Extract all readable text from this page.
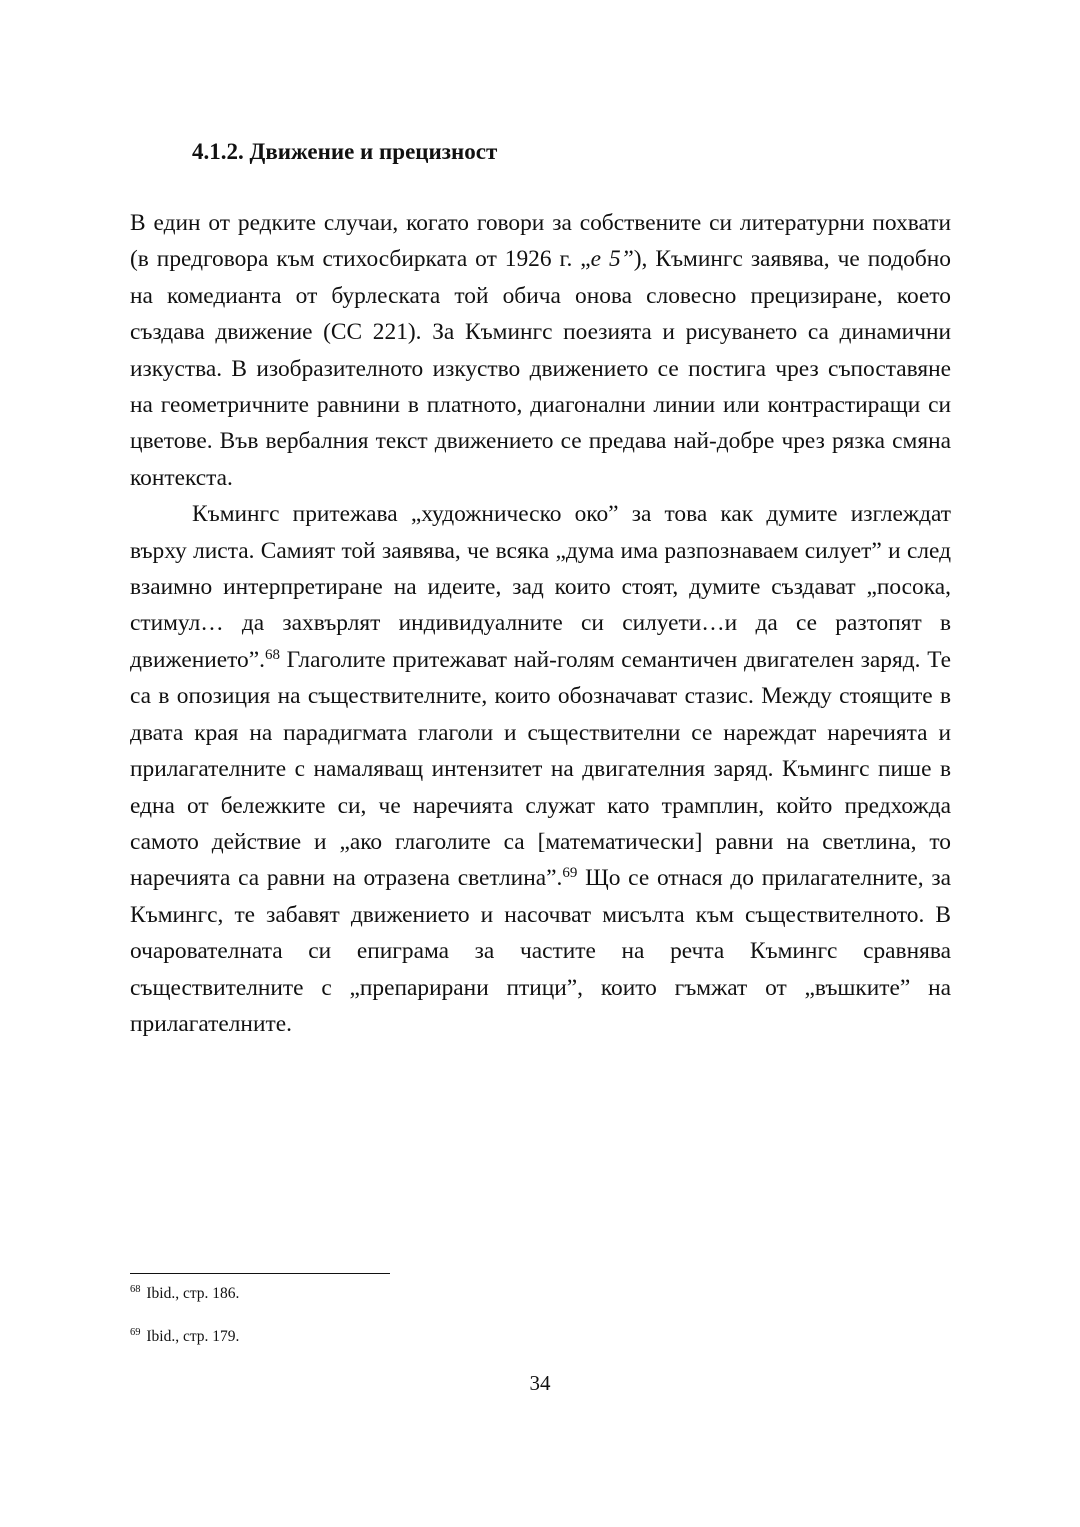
4.1.2. Движение и прецизност

В един от редките случаи, когато говори за собствените си литературни похвати (в предговора към стихосбирката от 1926 г. „е 5”), Къмингс заявява, че подобно на комедианта от бурлеската той обича онова словесно прецизиране, което създава движение (CC 221). За Къмингс поезията и рисуването са динамични изкуства. В изобразителното изкуство движението се постига чрез съпоставяне на геометричните равнини в платното, диагонални линии или контрастиращи си цветове. Във вербалния текст движението се предава най-добре чрез рязка смяна контекста.

Къмингс притежава „художническо око” за това как думите изглеждат върху листа. Самият той заявява, че всяка „дума има разпознаваем силует” и след взаимно интерпретиране на идеите, зад които стоят, думите създават „посока, стимул… да захвърлят индивидуалните си силуети…и да се разтопят в движението”.$^{68}$ Глаголите притежават най-голям семантичен двигателен заряд. Те са в опозиция на съществителните, които обозначават стазис. Между стоящите в двата края на парадигмата глаголи и съществителни се нареждат наречията и прилагателните с намаляващ интензитет на двигателния заряд. Къмингс пише в една от бележките си, че наречията служат като трамплин, който предхожда самото действие и „ако глаголите са [математически] равни на светлина, то наречията са равни на отразена светлина”.$^{69}$ Що се отнася до прилагателните, за Къмингс, те забавят движението и насочват мисълта към съществителното. В очарователната си епиграма за частите на речта Къмингс сравнява съществителните с „препарирани птици”, които гъмжат от „въшките” на прилагателните.

$^{68}$ Ibid., стр. 186.

$^{69}$ Ibid., стр. 179.

34
